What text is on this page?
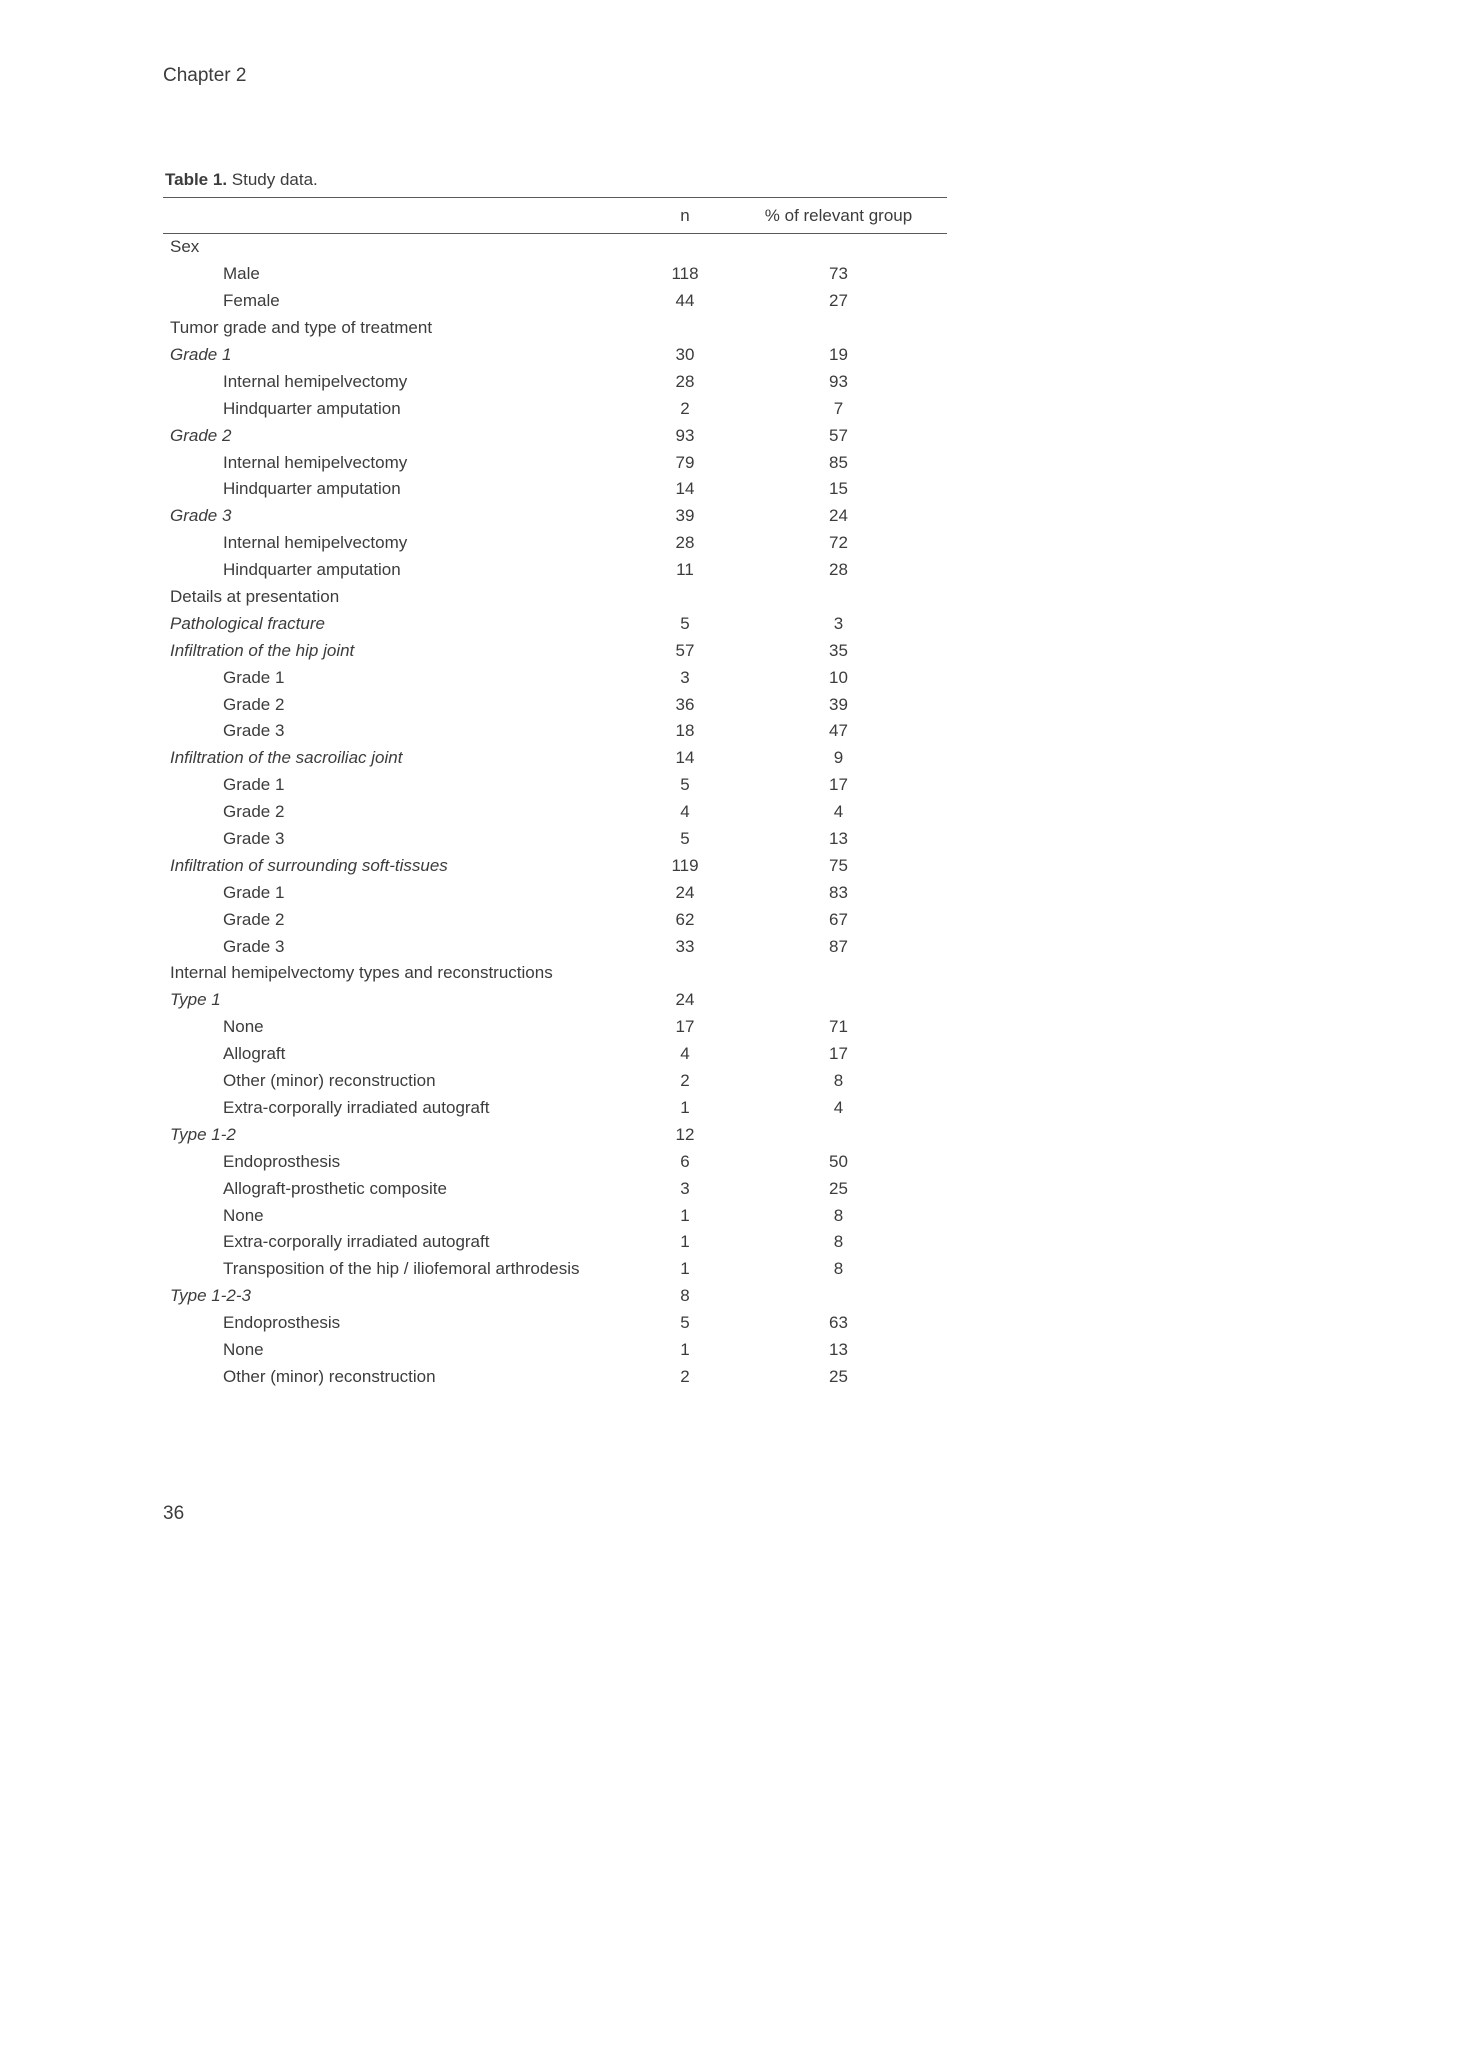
Chapter 2

Table 1. Study data.

n	% of relevant group
Sex
Male	118	73
Female	44	27
Tumor grade and type of treatment
Grade 1	30	19
Internal hemipelvectomy	28	93
Hindquarter amputation	2	7
Grade 2	93	57
Internal hemipelvectomy	79	85
Hindquarter amputation	14	15
Grade 3	39	24
Internal hemipelvectomy	28	72
Hindquarter amputation	11	28
Details at presentation
Pathological fracture	5	3
Infiltration of the hip joint	57	35
Grade 1	3	10
Grade 2	36	39
Grade 3	18	47
Infiltration of the sacroiliac joint	14	9
Grade 1	5	17
Grade 2	4	4
Grade 3	5	13
Infiltration of surrounding soft-tissues	119	75
Grade 1	24	83
Grade 2	62	67
Grade 3	33	87
Internal hemipelvectomy types and reconstructions
Type 1	24
None	17	71
Allograft	4	17
Other (minor) reconstruction	2	8
Extra-corporally irradiated autograft	1	4
Type 1-2	12
Endoprosthesis	6	50
Allograft-prosthetic composite	3	25
None	1	8
Extra-corporally irradiated autograft	1	8
Transposition of the hip / iliofemoral arthrodesis	1	8
Type 1-2-3	8
Endoprosthesis	5	63
None	1	13
Other (minor) reconstruction	2	25
36
